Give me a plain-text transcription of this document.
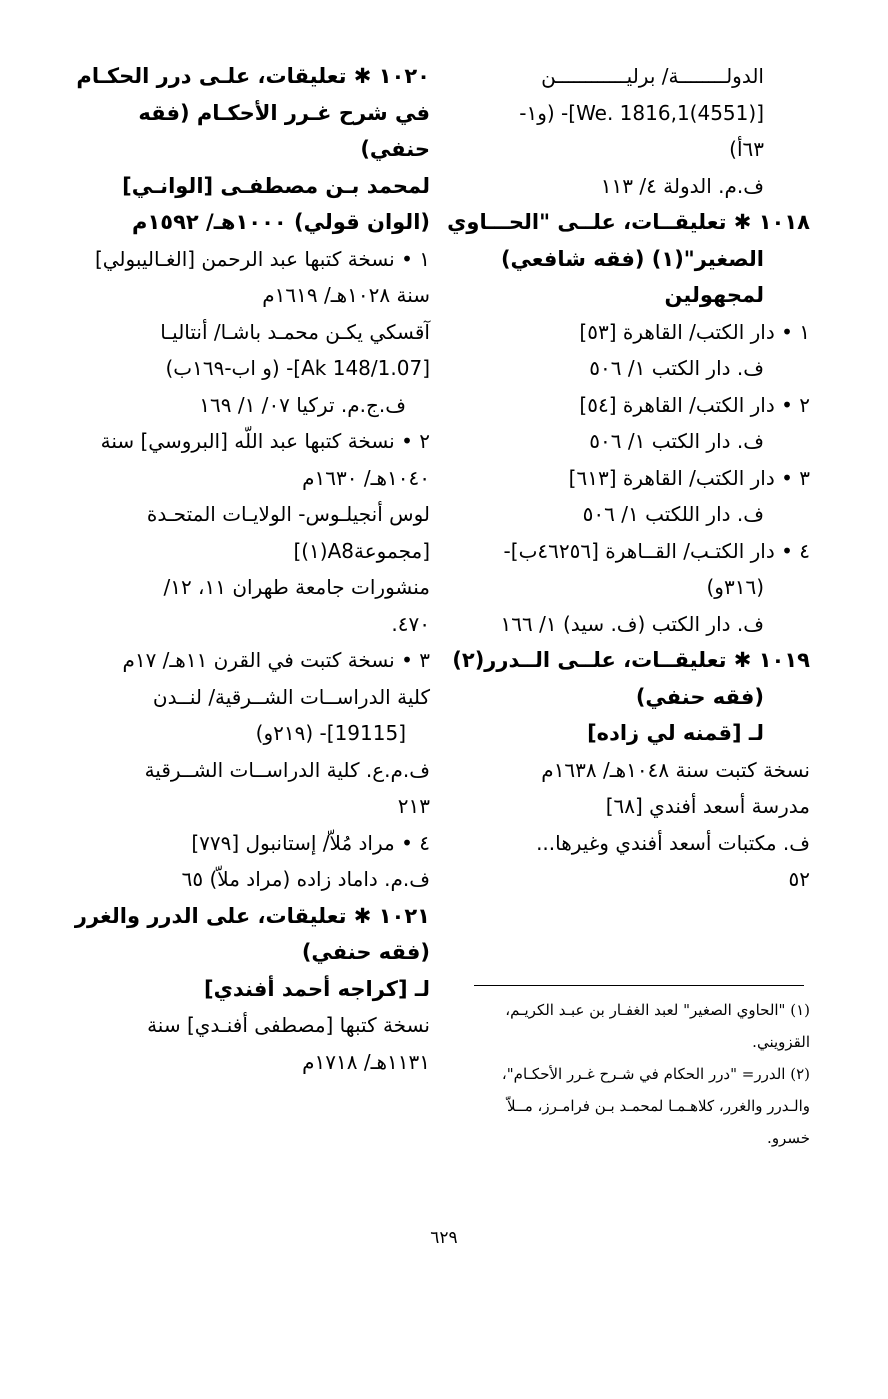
الدولــــــــة/ برليــــــــــــن
[(4551)We. 1816,1]- (و١-
٦٣أ)
ف.م. الدولة ٤/ ١١٣
١٠١٨ ✱ تعليقــات، علــى "الحـــاوي
الصغير"(١) (فقه شافعي)
لمجهولين
١ • دار الكتب/ القاهرة [٥٣]
ف. دار الكتب ١/ ٥٠٦
٢ • دار الكتب/ القاهرة [٥٤]
ف. دار الكتب ١/ ٥٠٦
٣ • دار الكتب/ القاهرة [٦١٣]
ف. دار اللكتب ١/ ٥٠٦
٤ • دار الكتـب/ القــاهرة [٤٦٢٥٦ب]-
(٣١٦و)
ف. دار الكتب (ف. سيد) ١/ ١٦٦
١٠١٩ ✱ تعليقــات، علــى الــدرر(٢)
(فقه حنفي)
لـ [قمنه لي زاده]
نسخة كتبت سنة ١٠٤٨هـ/ ١٦٣٨م
مدرسة أسعد أفندي [٦٨]
ف. مكتبات أسعد أفندي وغيرها...
٥٢
١٠٢٠ ✱ تعليقات، علـى درر الحكـام
في شرح غـرر الأحكـام (فقه
حنفي)
لمحمد بـن مصطفـى [الوانـي]
(الوان قولي) ١٠٠٠هـ/ ١٥٩٢م
١ • نسخة كتبها عبد الرحمن [الغـاليبولي]
سنة ١٠٢٨هـ/ ١٦١٩م
آقسكي يكـن محمـد باشـا/ أنتاليـا
[07.Ak 148/1]- (و اب-١٦٩ب)
ف.ج.م. تركيا ٠٧/ ١/ ١٦٩
٢ • نسخة كتبها عبد اللّه [البروسي] سنة
١٠٤٠هـ/ ١٦٣٠م
لوس أنجيلـوس- الولايـات المتحـدة
[مجموعةA8(١)]
منشورات جامعة طهران ١١، ١٢/
٤٧٠.
٣ • نسخة كتبت في القرن ١١هـ/ ١٧م
كلية الدراســات الشــرقية/ لنــدن
[19115]- (٢١٩و)
ف.م.ع. كلية الدراســات الشــرقية
٢١٣
٤ • مراد مُلاّ/ إستانبول [٧٧٩]
ف.م. داماد زاده (مراد ملاّ) ٦٥
١٠٢١ ✱ تعليقات، على الدرر والغرر
(فقه حنفي)
لـ [كراجه أحمد أفندي]
نسخة كتبها [مصطفى أفنـدي] سنة
١١٣١هـ/ ١٧١٨م
(١) "الحاوي الصغير" لعبد الغفـار بن عبـد الكريـم،
القزويني.
(٢) الدرر= "درر الحكام في شـرح غـرر الأحكـام"،
والـدرر والغرر، كلاهـمـا لمحمـد بـن فرامـرز، مــلاّ
خسرو.
٦٢٩
